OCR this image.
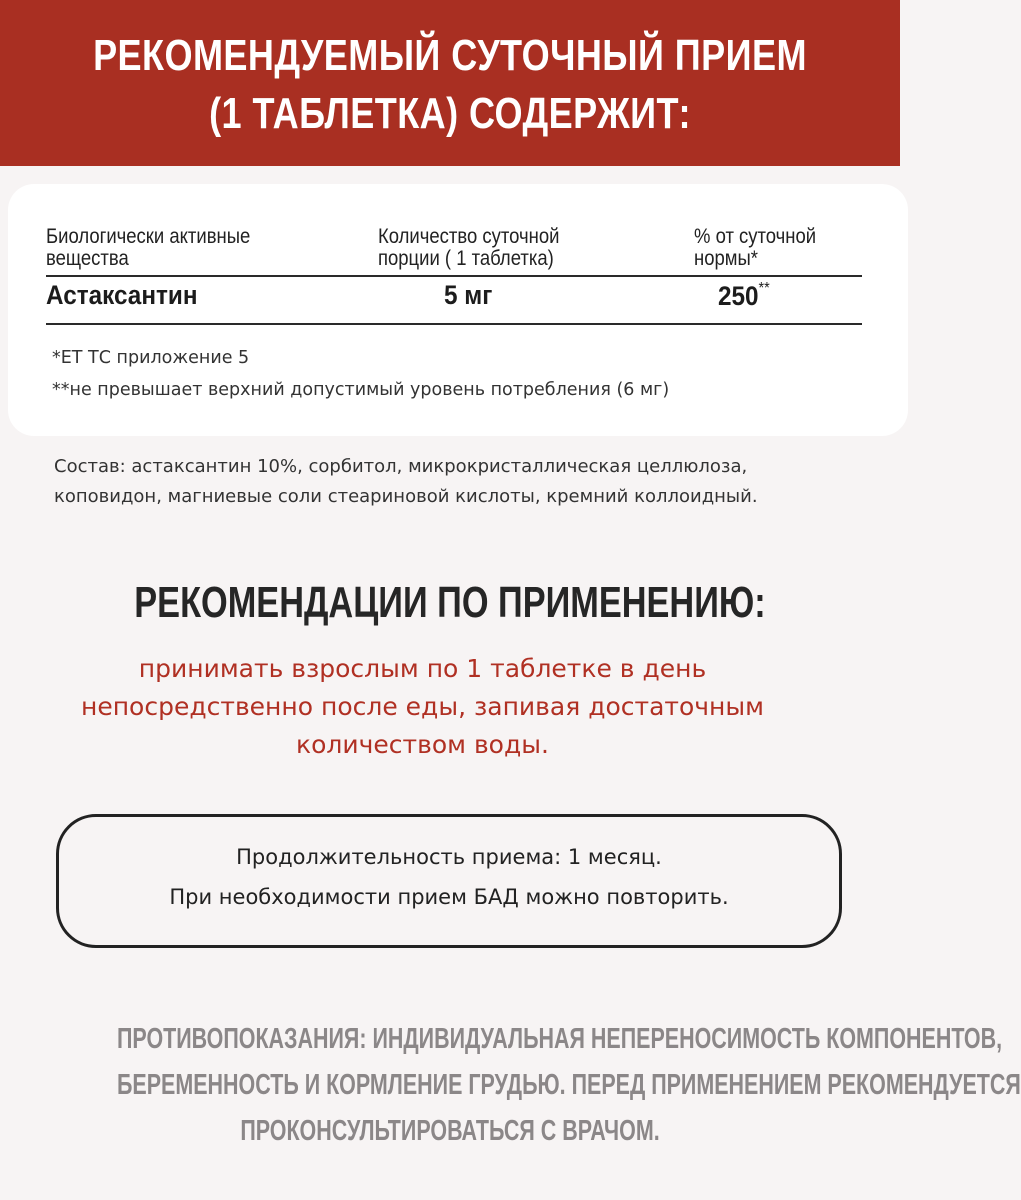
РЕКОМЕНДУЕМЫЙ СУТОЧНЫЙ ПРИЕМ
(1 ТАБЛЕТКА) СОДЕРЖИТ:
Биологически активные
вещества
Количество суточной
порции ( 1 таблетка)
% от суточной
нормы*
Астаксантин	5 мг	250**
*ЕТ ТС приложение 5
**не превышает верхний допустимый уровень потребления (6 мг)
Состав: астаксантин 10%, сорбитол, микрокристаллическая целлюлоза,
коповидон, магниевые соли стеариновой кислоты, кремний коллоидный.
РЕКОМЕНДАЦИИ ПО ПРИМЕНЕНИЮ:
принимать взрослым по 1 таблетке в день
непосредственно после еды, запивая достаточным
количеством воды.
Продолжительность приема: 1 месяц.
При необходимости прием БАД можно повторить.
ПРОТИВОПОКАЗАНИЯ: ИНДИВИДУАЛЬНАЯ НЕПЕРЕНОСИМОСТЬ КОМПОНЕНТОВ,
БЕРЕМЕННОСТЬ И КОРМЛЕНИЕ ГРУДЬЮ. ПЕРЕД ПРИМЕНЕНИЕМ РЕКОМЕНДУЕТСЯ
ПРОКОНСУЛЬТИРОВАТЬСЯ С ВРАЧОМ.
